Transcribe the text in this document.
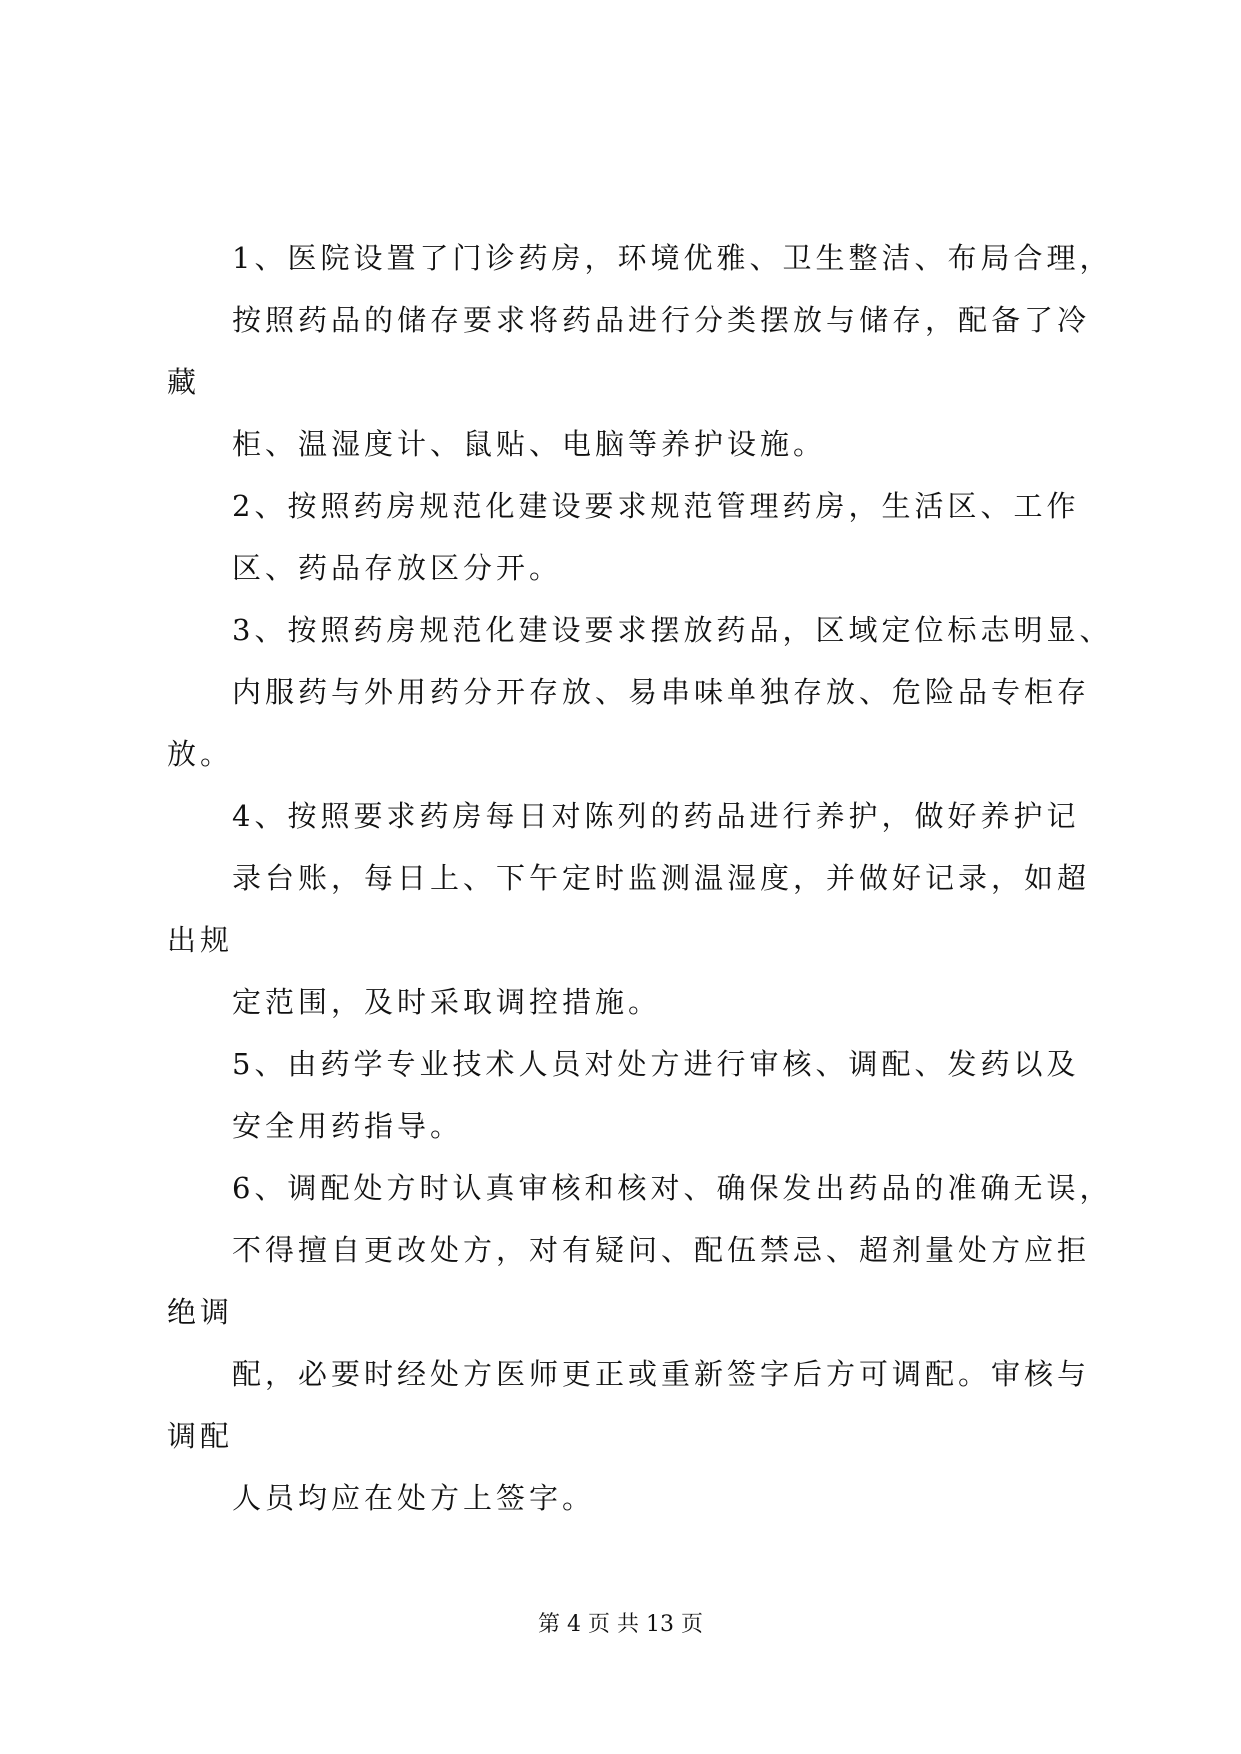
1、医院设置了门诊药房，环境优雅、卫生整洁、布局合理，
按照药品的储存要求将药品进行分类摆放与储存，配备了冷
藏
柜、温湿度计、鼠贴、电脑等养护设施。
2、按照药房规范化建设要求规范管理药房，生活区、工作
区、药品存放区分开。
3、按照药房规范化建设要求摆放药品，区域定位标志明显、
内服药与外用药分开存放、易串味单独存放、危险品专柜存
放。
4、按照要求药房每日对陈列的药品进行养护，做好养护记
录台账，每日上、下午定时监测温湿度，并做好记录，如超
出规
定范围，及时采取调控措施。
5、由药学专业技术人员对处方进行审核、调配、发药以及
安全用药指导。
6、调配处方时认真审核和核对、确保发出药品的准确无误，
不得擅自更改处方，对有疑问、配伍禁忌、超剂量处方应拒
绝调
配，必要时经处方医师更正或重新签字后方可调配。审核与
调配
人员均应在处方上签字。
第 4 页 共 13 页
